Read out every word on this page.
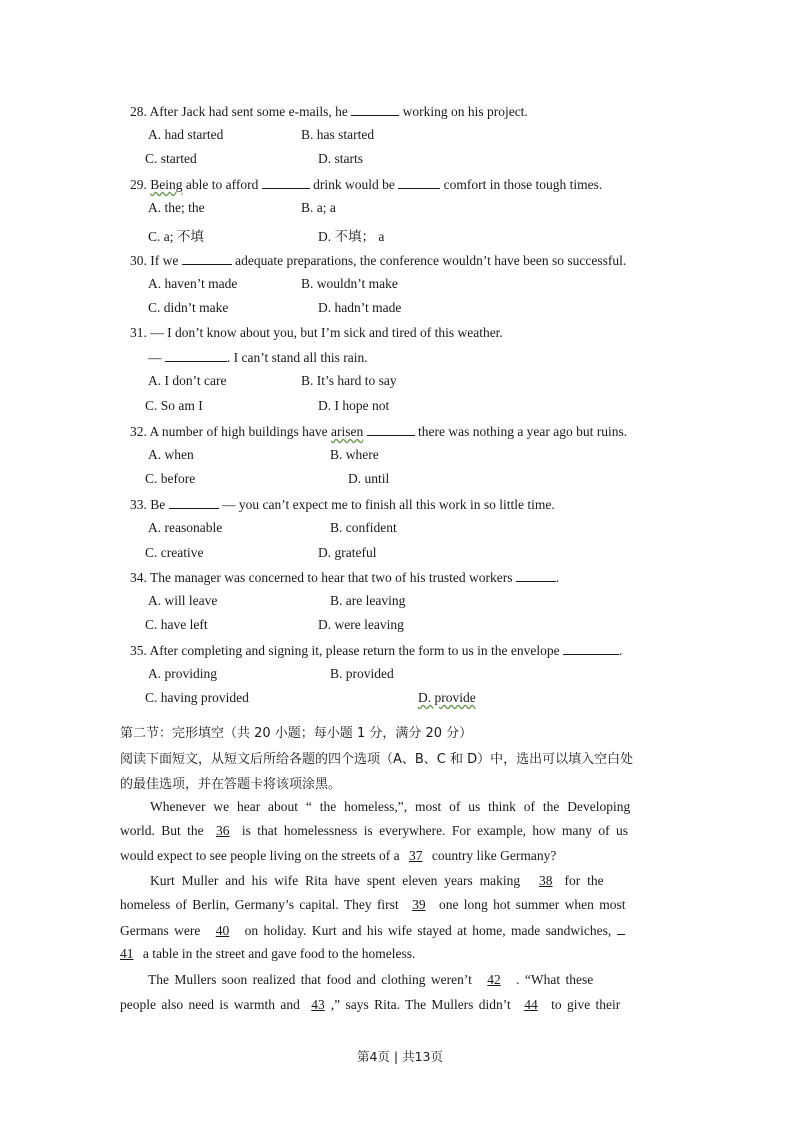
28. After Jack had sent some e-mails, he	working on his project.
A. had started	B. has started
C. started	D. starts
29. Being able to afford	drink would be	comfort in those tough times.
A. the; the	B. a; a
C. a; 不填	D. 不填； a
30. If we	adequate preparations, the conference wouldn’t have been so successful.
A. haven’t made	B. wouldn’t make
C. didn’t make	D. hadn’t made
31. — I don’t know about you, but I’m sick and tired of this weather.
—	. I can’t stand all this rain.
A. I don’t care	B. It’s hard to say
C. So am I	D. I hope not
32. A number of high buildings have arisen	there was nothing a year ago but ruins.
A. when	B. where
C. before	D. until
33. Be	— you can’t expect me to finish all this work in so little time.
A. reasonable	B. confident
C. creative	D. grateful
34. The manager was concerned to hear that two of his trusted workers	.
A. will leave	B. are leaving
C. have left	D. were leaving
35. After completing and signing it, please return the form to us in the envelope	.
A. providing	B. provided
C. having provided	D. provide
第二节：完形填空（共 20 小题；每小题 1 分，满分 20 分）
阅读下面短文，从短文后所给各题的四个选项（A、B、C 和 D）中，选出可以填入空白处
的最佳选项，并在答题卡将该项涂黑。
Whenever we hear about “ the homeless,”, most of us think of the Developing
world. But the 36 is that homelessness is everywhere. For example, how many of us
would expect to see people living on the streets of a 37 country like Germany?
Kurt Muller and his wife Rita have spent eleven years making 38 for the
homeless of Berlin, Germany’s capital. They first 39 one long hot summer when most
Germans were 40 on holiday. Kurt and his wife stayed at home, made sandwiches,
41 a table in the street and gave food to the homeless.
The Mullers soon realized that food and clothing weren’t 42 . “What these
people also need is warmth and 43 ,” says Rita. The Mullers didn’t 44 to give their
第4页 | 共13页
